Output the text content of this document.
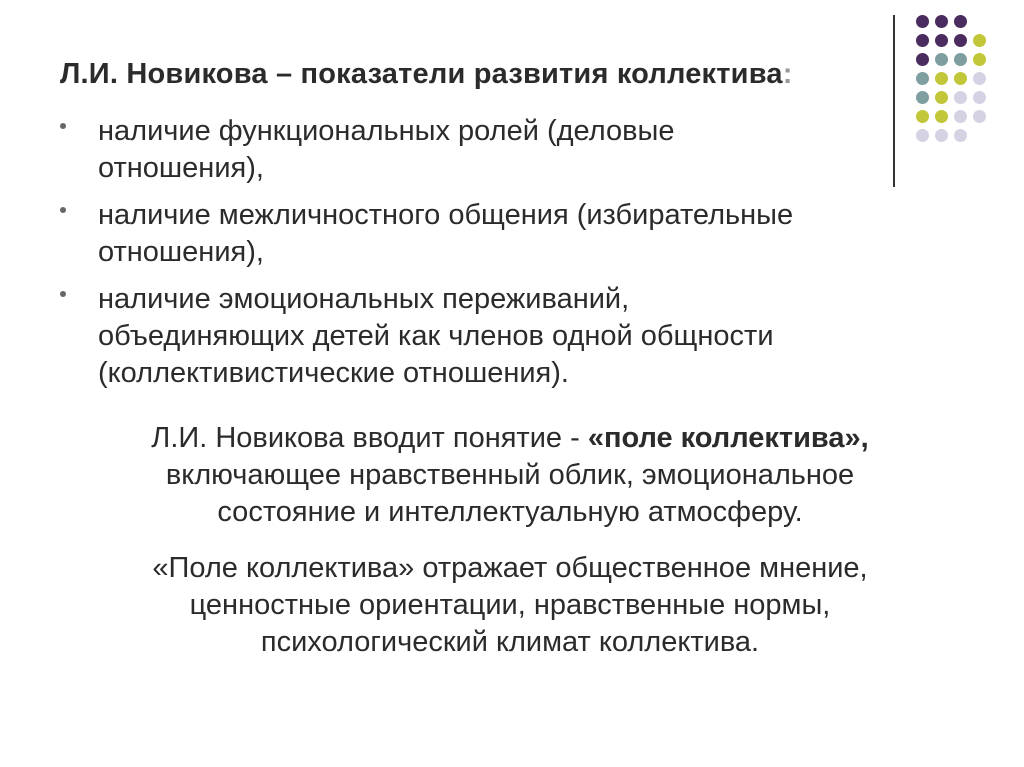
Л.И. Новикова – показатели развития коллектива:
наличие функциональных ролей (деловые
отношения),
наличие межличностного общения (избирательные
отношения),
наличие эмоциональных переживаний,
объединяющих детей как членов одной общности
(коллективистические отношения).

Л.И. Новикова вводит понятие - «поле коллектива»,
включающее нравственный облик, эмоциональное
состояние и интеллектуальную атмосферу.

«Поле коллектива» отражает общественное мнение,
ценностные ориентации, нравственные нормы,
психологический климат коллектива.
